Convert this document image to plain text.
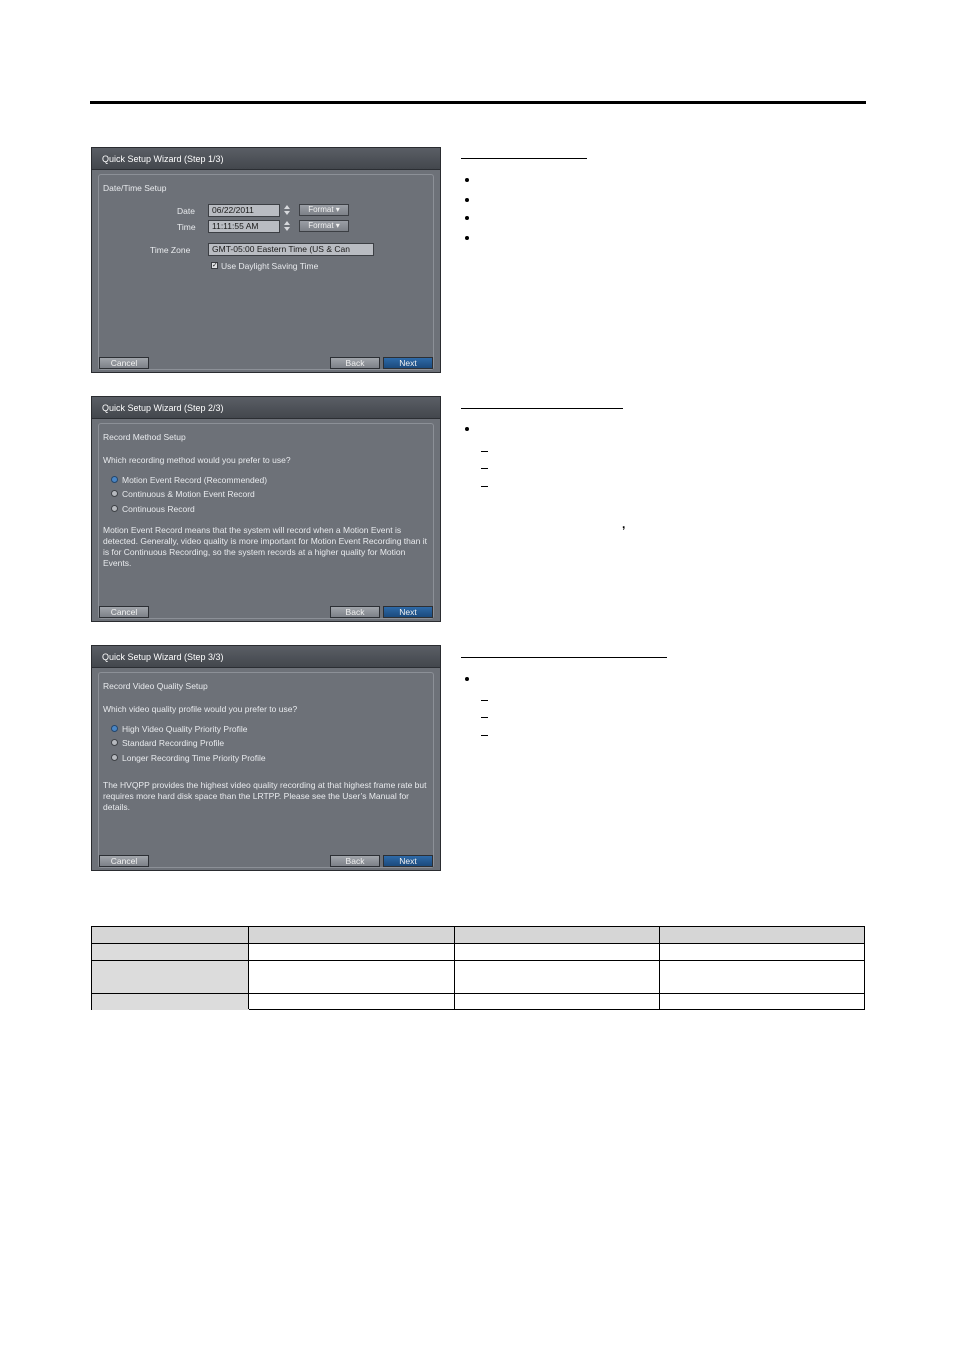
Quick Setup Wizard (Step 1/3)
Date/Time Setup
Date	06/22/2011	Format ▾
Time	11:11:55 AM	Format ▾
Time Zone	GMT-05:00 Eastern Time (US & Can
✓ Use Daylight Saving Time
Cancel	Back	Next
Quick Setup Wizard (Step 2/3)
Record Method Setup
Which recording method would you prefer to use?
Motion Event Record (Recommended)
Continuous & Motion Event Record
Continuous Record
Motion Event Record means that the system will record when a Motion Event is detected. Generally, video quality is more important for Motion Event Recording than it is for Continuous Recording, so the system records at a higher quality for Motion Events.
Cancel	Back	Next
Quick Setup Wizard (Step 3/3)
Record Video Quality Setup
Which video quality profile would you prefer to use?
High Video Quality Priority Profile
Standard Recording Profile
Longer Recording Time Priority Profile
The HVQPP provides the highest video quality recording at that highest frame rate but requires more hard disk space than the LRTPP. Please see the User’s Manual for details.
Cancel	Back	Next
,
